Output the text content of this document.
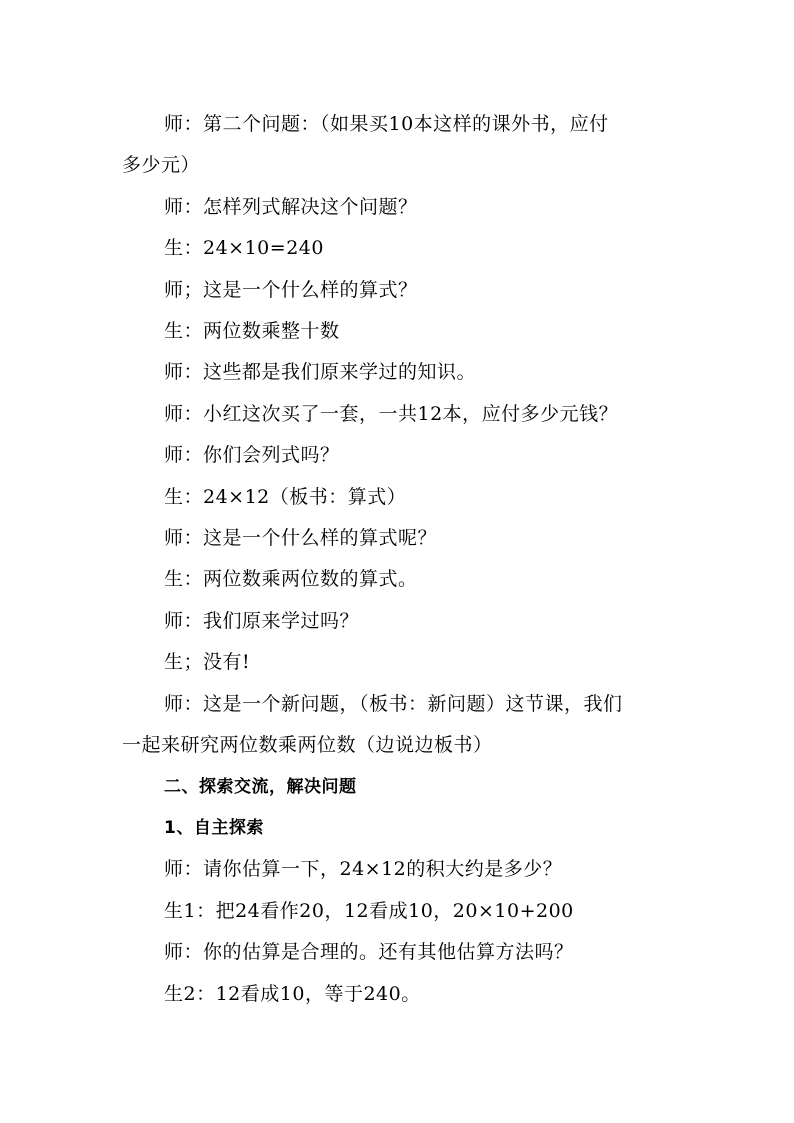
师：第二个问题：（如果买10本这样的课外书，应付

多少元）

师：怎样列式解决这个问题？

生：24×10=240

师；这是一个什么样的算式？

生：两位数乘整十数

师：这些都是我们原来学过的知识。

师：小红这次买了一套，一共12本，应付多少元钱？

师：你们会列式吗？

生：24×12（板书：算式）

师：这是一个什么样的算式呢？

生：两位数乘两位数的算式。

师：我们原来学过吗？

生；没有!

师：这是一个新问题，（板书：新问题）这节课，我们

一起来研究两位数乘两位数（边说边板书）

二、探索交流，解决问题

1、自主探索

师：请你估算一下，24×12的积大约是多少？

生1：把24看作20，12看成10，20×10+200

师：你的估算是合理的。还有其他估算方法吗？

生2：12看成10，等于240。
